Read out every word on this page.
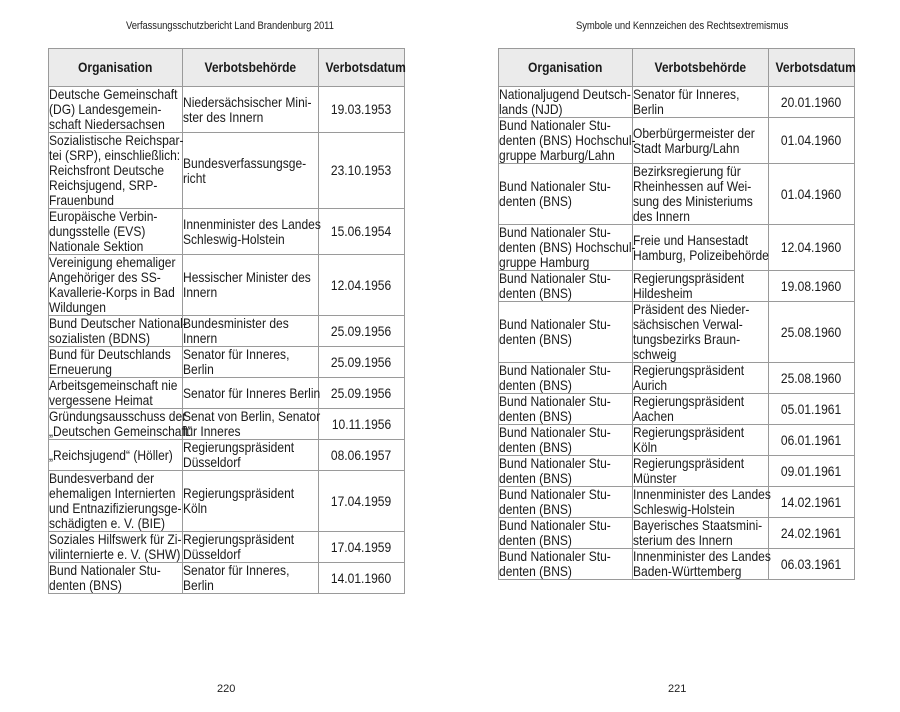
Verfassungsschutzbericht Land Brandenburg 2011
Organisation	Verbotsbehörde	Verbotsdatum
Deutsche Gemeinschaft
(DG) Landesgemein-
schaft Niedersachsen	Niedersächsischer Mini-
ster des Innern	19.03.1953
Sozialistische Reichspar-
tei (SRP), einschließlich:
Reichsfront Deutsche
Reichsjugend, SRP-
Frauenbund	Bundesverfassungsge-
richt	23.10.1953
Europäische Verbin-
dungsstelle (EVS)
Nationale Sektion	Innenminister des Landes
Schleswig-Holstein	15.06.1954
Vereinigung ehemaliger
Angehöriger des SS-
Kavallerie-Korps in Bad
Wildungen	Hessischer Minister des
Innern	12.04.1956
Bund Deutscher National-
sozialisten (BDNS)	Bundesminister des
Innern	25.09.1956
Bund für Deutschlands
Erneuerung	Senator für Inneres,
Berlin	25.09.1956
Arbeitsgemeinschaft nie
vergessene Heimat	Senator für Inneres Berlin	25.09.1956
Gründungsausschuss der
„Deutschen Gemeinschaft“	Senat von Berlin, Senator
für Inneres	10.11.1956
„Reichsjugend“ (Höller)	Regierungspräsident
Düsseldorf	08.06.1957
Bundesverband der
ehemaligen Internierten
und Entnazifizierungsge-
schädigten e. V. (BIE)	Regierungspräsident
Köln	17.04.1959
Soziales Hilfswerk für Zi-
vilinternierte e. V. (SHW)	Regierungspräsident
Düsseldorf	17.04.1959
Bund Nationaler Stu-
denten (BNS)	Senator für Inneres,
Berlin	14.01.1960
220
Symbole und Kennzeichen des Rechtsextremismus
Organisation	Verbotsbehörde	Verbotsdatum
Nationaljugend Deutsch-
lands (NJD)	Senator für Inneres,
Berlin	20.01.1960
Bund Nationaler Stu-
denten (BNS) Hochschul-
gruppe Marburg/Lahn	Oberbürgermeister der
Stadt Marburg/Lahn	01.04.1960
Bund Nationaler Stu-
denten (BNS)	Bezirksregierung für
Rheinhessen auf Wei-
sung des Ministeriums
des Innern	01.04.1960
Bund Nationaler Stu-
denten (BNS) Hochschul-
gruppe Hamburg	Freie und Hansestadt
Hamburg, Polizeibehörde	12.04.1960
Bund Nationaler Stu-
denten (BNS)	Regierungspräsident
Hildesheim	19.08.1960
Bund Nationaler Stu-
denten (BNS)	Präsident des Nieder-
sächsischen Verwal-
tungsbezirks Braun-
schweig	25.08.1960
Bund Nationaler Stu-
denten (BNS)	Regierungspräsident
Aurich	25.08.1960
Bund Nationaler Stu-
denten (BNS)	Regierungspräsident
Aachen	05.01.1961
Bund Nationaler Stu-
denten (BNS)	Regierungspräsident
Köln	06.01.1961
Bund Nationaler Stu-
denten (BNS)	Regierungspräsident
Münster	09.01.1961
Bund Nationaler Stu-
denten (BNS)	Innenminister des Landes
Schleswig-Holstein	14.02.1961
Bund Nationaler Stu-
denten (BNS)	Bayerisches Staatsmini-
sterium des Innern	24.02.1961
Bund Nationaler Stu-
denten (BNS)	Innenminister des Landes
Baden-Württemberg	06.03.1961
221
